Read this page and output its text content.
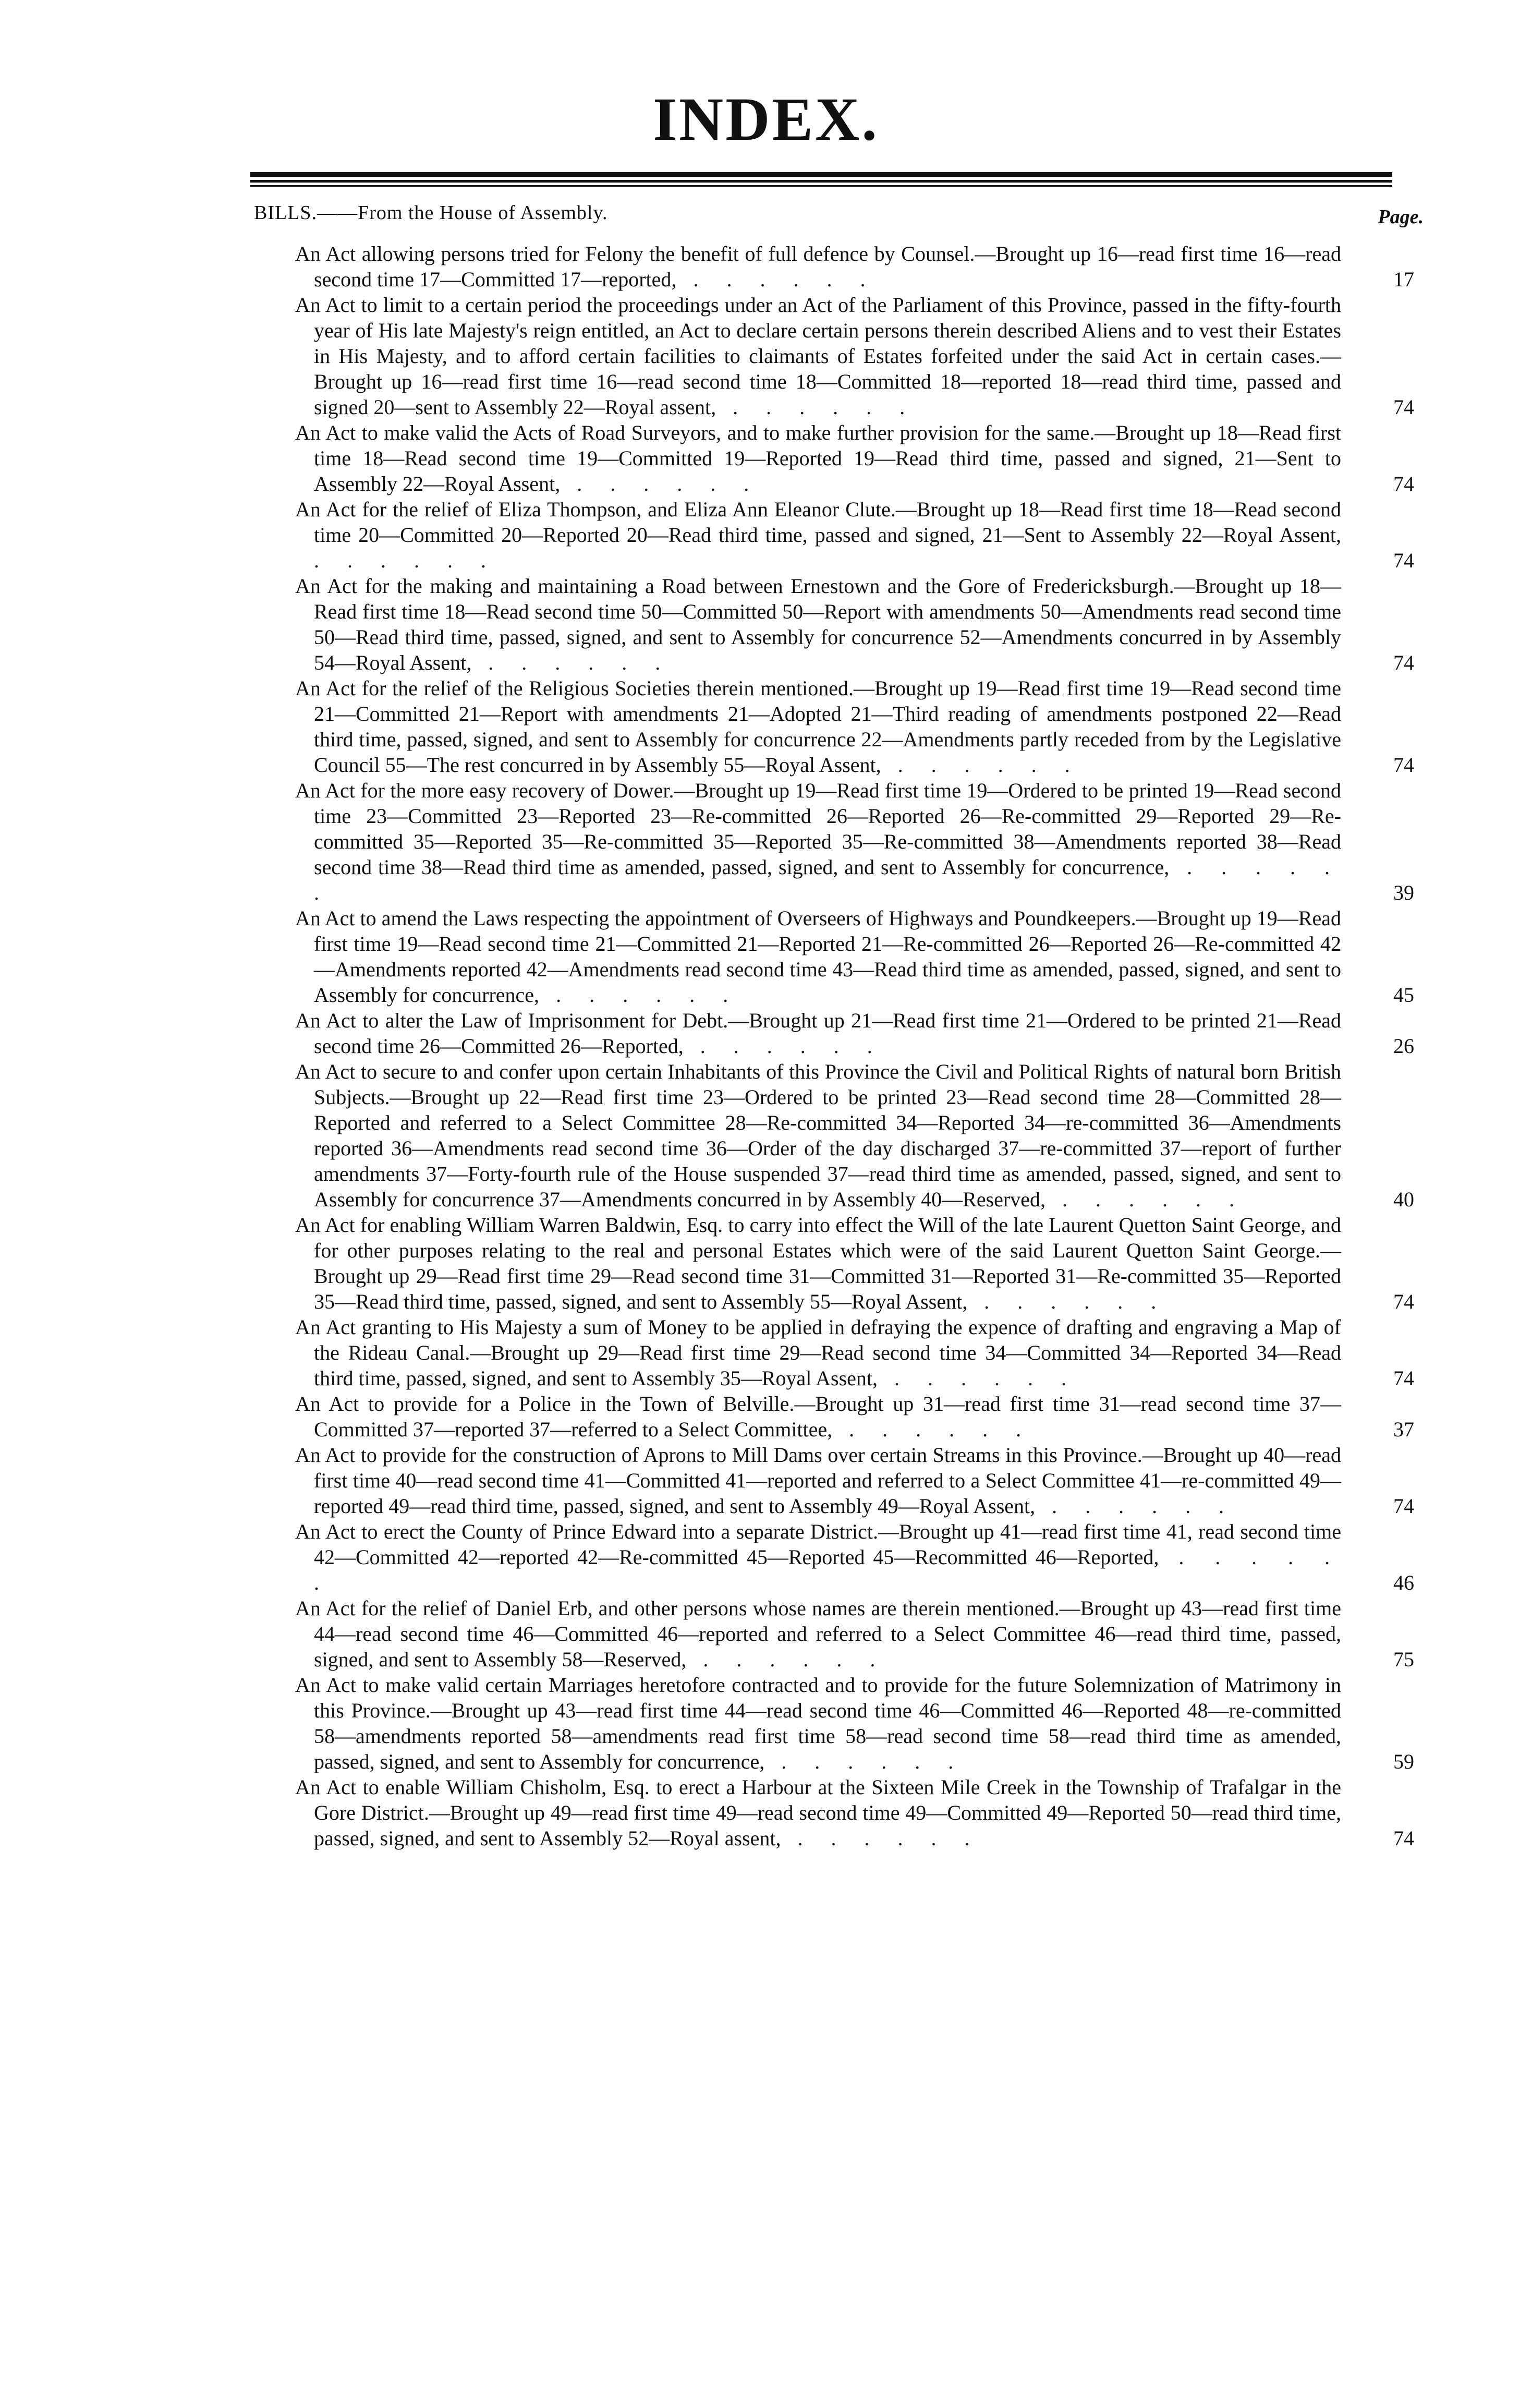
INDEX.
BILLS.——From the House of Assembly.	Page.
An Act allowing persons tried for Felony the benefit of full defence by Counsel.—Brought up 16—read first time 16—read second time 17—Committed 17—reported, . . . . . .	17
An Act to limit to a certain period the proceedings under an Act of the Parliament of this Province, passed in the fifty-fourth year of His late Majesty's reign entitled, an Act to declare certain persons therein described Aliens and to vest their Estates in His Majesty, and to afford certain facilities to claimants of Estates forfeited under the said Act in certain cases.—Brought up 16—read first time 16—read second time 18—Committed 18—reported 18—read third time, passed and signed 20—sent to Assembly 22—Royal assent, . . . . . .	74
An Act to make valid the Acts of Road Surveyors, and to make further provision for the same.—Brought up 18—Read first time 18—Read second time 19—Committed 19—Reported 19—Read third time, passed and signed, 21—Sent to Assembly 22—Royal Assent, . . . . . .	74
An Act for the relief of Eliza Thompson, and Eliza Ann Eleanor Clute.—Brought up 18—Read first time 18—Read second time 20—Committed 20—Reported 20—Read third time, passed and signed, 21—Sent to Assembly 22—Royal Assent, . . . . . .	74
An Act for the making and maintaining a Road between Ernestown and the Gore of Fredericksburgh.—Brought up 18—Read first time 18—Read second time 50—Committed 50—Report with amendments 50—Amendments read second time 50—Read third time, passed, signed, and sent to Assembly for concurrence 52—Amendments concurred in by Assembly 54—Royal Assent, . . . . . .	74
An Act for the relief of the Religious Societies therein mentioned.—Brought up 19—Read first time 19—Read second time 21—Committed 21—Report with amendments 21—Adopted 21—Third reading of amendments postponed 22—Read third time, passed, signed, and sent to Assembly for concurrence 22—Amendments partly receded from by the Legislative Council 55—The rest concurred in by Assembly 55—Royal Assent, . . . . . .	74
An Act for the more easy recovery of Dower.—Brought up 19—Read first time 19—Ordered to be printed 19—Read second time 23—Committed 23—Reported 23—Re-committed 26—Reported 26—Re-committed 29—Reported 29—Re-committed 35—Reported 35—Re-committed 35—Reported 35—Re-committed 38—Amendments reported 38—Read second time 38—Read third time as amended, passed, signed, and sent to Assembly for concurrence, . . . . . .	39
An Act to amend the Laws respecting the appointment of Overseers of Highways and Poundkeepers.—Brought up 19—Read first time 19—Read second time 21—Committed 21—Reported 21—Re-committed 26—Reported 26—Re-committed 42—Amendments reported 42—Amendments read second time 43—Read third time as amended, passed, signed, and sent to Assembly for concurrence, . . . . . .	45
An Act to alter the Law of Imprisonment for Debt.—Brought up 21—Read first time 21—Ordered to be printed 21—Read second time 26—Committed 26—Reported, . . . . . .	26
An Act to secure to and confer upon certain Inhabitants of this Province the Civil and Political Rights of natural born British Subjects.—Brought up 22—Read first time 23—Ordered to be printed 23—Read second time 28—Committed 28—Reported and referred to a Select Committee 28—Re-committed 34—Reported 34—re-committed 36—Amendments reported 36—Amendments read second time 36—Order of the day discharged 37—re-committed 37—report of further amendments 37—Forty-fourth rule of the House suspended 37—read third time as amended, passed, signed, and sent to Assembly for concurrence 37—Amendments concurred in by Assembly 40—Reserved, . . . . . .	40
An Act for enabling William Warren Baldwin, Esq. to carry into effect the Will of the late Laurent Quetton Saint George, and for other purposes relating to the real and personal Estates which were of the said Laurent Quetton Saint George.—Brought up 29—Read first time 29—Read second time 31—Committed 31—Reported 31—Re-committed 35—Reported 35—Read third time, passed, signed, and sent to Assembly 55—Royal Assent, . . . . . .	74
An Act granting to His Majesty a sum of Money to be applied in defraying the expence of drafting and engraving a Map of the Rideau Canal.—Brought up 29—Read first time 29—Read second time 34—Committed 34—Reported 34—Read third time, passed, signed, and sent to Assembly 35—Royal Assent, . . . . . .	74
An Act to provide for a Police in the Town of Belville.—Brought up 31—read first time 31—read second time 37—Committed 37—reported 37—referred to a Select Committee, . . . . . .	37
An Act to provide for the construction of Aprons to Mill Dams over certain Streams in this Province.—Brought up 40—read first time 40—read second time 41—Committed 41—reported and referred to a Select Committee 41—re-committed 49—reported 49—read third time, passed, signed, and sent to Assembly 49—Royal Assent, . . . . . .	74
An Act to erect the County of Prince Edward into a separate District.—Brought up 41—read first time 41, read second time 42—Committed 42—reported 42—Re-committed 45—Reported 45—Recommitted 46—Reported, . . . . . .	46
An Act for the relief of Daniel Erb, and other persons whose names are therein mentioned.—Brought up 43—read first time 44—read second time 46—Committed 46—reported and referred to a Select Committee 46—read third time, passed, signed, and sent to Assembly 58—Reserved, . . . . . .	75
An Act to make valid certain Marriages heretofore contracted and to provide for the future Solemnization of Matrimony in this Province.—Brought up 43—read first time 44—read second time 46—Committed 46—Reported 48—re-committed 58—amendments reported 58—amendments read first time 58—read second time 58—read third time as amended, passed, signed, and sent to Assembly for concurrence, . . . . . .	59
An Act to enable William Chisholm, Esq. to erect a Harbour at the Sixteen Mile Creek in the Township of Trafalgar in the Gore District.—Brought up 49—read first time 49—read second time 49—Committed 49—Reported 50—read third time, passed, signed, and sent to Assembly 52—Royal assent, . . . . . .	74
